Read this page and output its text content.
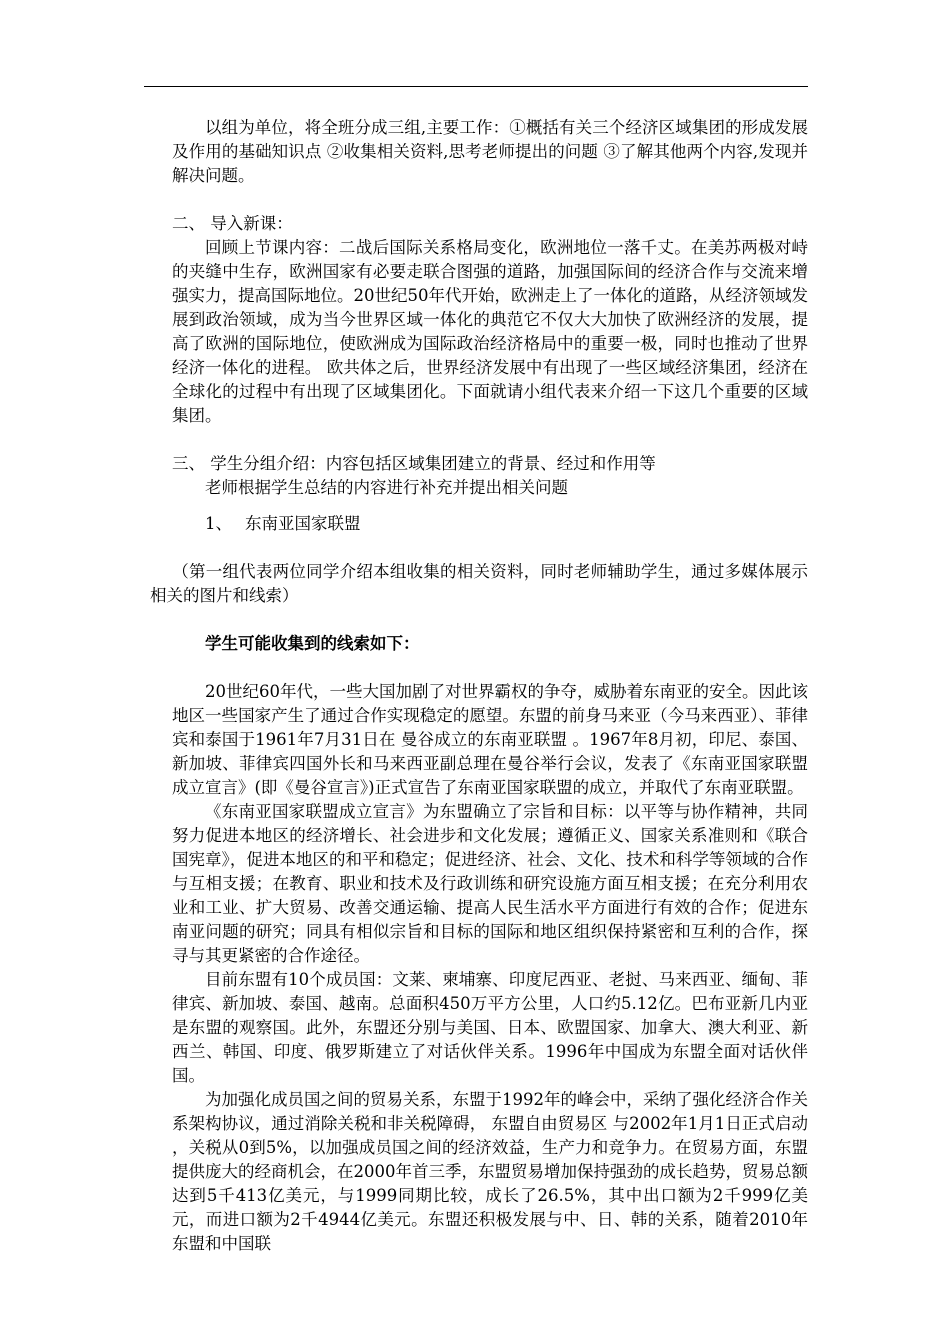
以组为单位，将全班分成三组,主要工作：①概括有关三个经济区域集团的形成发展及作用的基础知识点 ②收集相关资料,思考老师提出的问题 ③了解其他两个内容,发现并解决问题。

二、 导入新课：

回顾上节课内容：二战后国际关系格局变化，欧洲地位一落千丈。在美苏两极对峙的夹缝中生存，欧洲国家有必要走联合图强的道路，加强国际间的经济合作与交流来增强实力，提高国际地位。20世纪50年代开始，欧洲走上了一体化的道路，从经济领域发展到政治领域，成为当今世界区域一体化的典范它不仅大大加快了欧洲经济的发展，提高了欧洲的国际地位，使欧洲成为国际政治经济格局中的重要一极，同时也推动了世界经济一体化的进程。 欧共体之后，世界经济发展中有出现了一些区域经济集团，经济在全球化的过程中有出现了区域集团化。下面就请小组代表来介绍一下这几个重要的区域集团。

三、 学生分组介绍：内容包括区域集团建立的背景、经过和作用等

老师根据学生总结的内容进行补充并提出相关问题

1、 东南亚国家联盟

（第一组代表两位同学介绍本组收集的相关资料，同时老师辅助学生，通过多媒体展示相关的图片和线索）

学生可能收集到的线索如下：

20世纪60年代，一些大国加剧了对世界霸权的争夺，威胁着东南亚的安全。因此该地区一些国家产生了通过合作实现稳定的愿望。东盟的前身马来亚（今马来西亚）、菲律宾和泰国于1961年7月31日在 曼谷成立的东南亚联盟 。1967年8月初，印尼、泰国、新加坡、菲律宾四国外长和马来西亚副总理在曼谷举行会议，发表了《东南亚国家联盟成立宣言》(即《曼谷宣言》)正式宣告了东南亚国家联盟的成立，并取代了东南亚联盟。

《东南亚国家联盟成立宣言》为东盟确立了宗旨和目标：以平等与协作精神，共同努力促进本地区的经济增长、社会进步和文化发展；遵循正义、国家关系准则和《联合国宪章》，促进本地区的和平和稳定；促进经济、社会、文化、技术和科学等领域的合作与互相支援；在教育、职业和技术及行政训练和研究设施方面互相支援；在充分利用农业和工业、扩大贸易、改善交通运输、提高人民生活水平方面进行有效的合作；促进东南亚问题的研究；同具有相似宗旨和目标的国际和地区组织保持紧密和互利的合作，探寻与其更紧密的合作途径。

目前东盟有10个成员国：文莱、柬埔寨、印度尼西亚、老挝、马来西亚、缅甸、菲律宾、新加坡、泰国、越南。总面积450万平方公里，人口约5.12亿。巴布亚新几内亚是东盟的观察国。此外，东盟还分别与美国、日本、欧盟国家、加拿大、澳大利亚、新西兰、韩国、印度、俄罗斯建立了对话伙伴关系。1996年中国成为东盟全面对话伙伴国。

为加强化成员国之间的贸易关系，东盟于1992年的峰会中，采纳了强化经济合作关系架构协议，通过消除关税和非关税障碍， 东盟自由贸易区 与2002年1月1日正式启动 ，关税从0到5%，以加强成员国之间的经济效益，生产力和竞争力。在贸易方面，东盟提供庞大的经商机会，在2000年首三季，东盟贸易增加保持强劲的成长趋势，贸易总额达到5千413亿美元，与1999同期比较，成长了26.5%，其中出口额为2千999亿美元，而进口额为2千4944亿美元。东盟还积极发展与中、日、韩的关系，随着2010年东盟和中国联
